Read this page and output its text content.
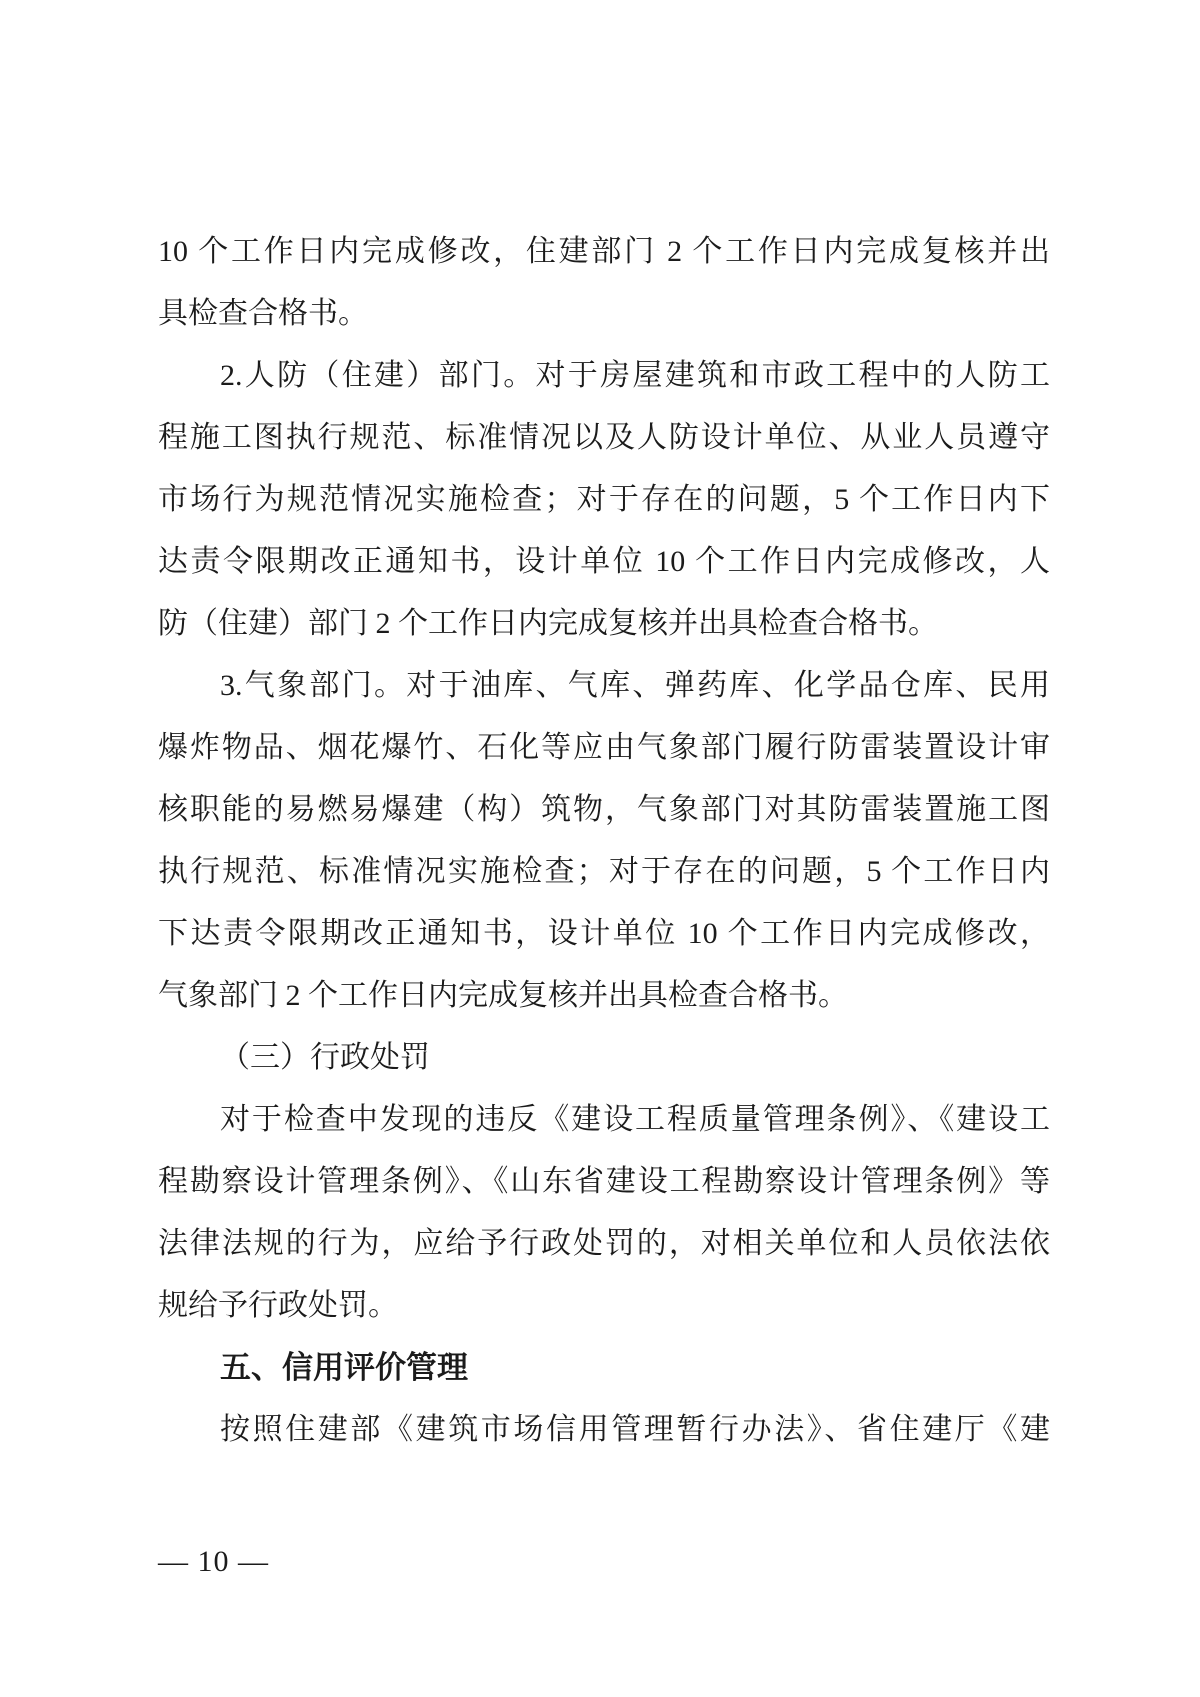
10 个工作日内完成修改，住建部门 2 个工作日内完成复核并出

具检查合格书。

2.人防（住建）部门。对于房屋建筑和市政工程中的人防工

程施工图执行规范、标准情况以及人防设计单位、从业人员遵守

市场行为规范情况实施检查；对于存在的问题，5 个工作日内下

达责令限期改正通知书，设计单位 10 个工作日内完成修改，人

防（住建）部门 2 个工作日内完成复核并出具检查合格书。

3.气象部门。对于油库、气库、弹药库、化学品仓库、民用

爆炸物品、烟花爆竹、石化等应由气象部门履行防雷装置设计审

核职能的易燃易爆建（构）筑物，气象部门对其防雷装置施工图

执行规范、标准情况实施检查；对于存在的问题，5 个工作日内

下达责令限期改正通知书，设计单位 10 个工作日内完成修改，

气象部门 2 个工作日内完成复核并出具检查合格书。

（三）行政处罚

对于检查中发现的违反《建设工程质量管理条例》、《建设工

程勘察设计管理条例》、《山东省建设工程勘察设计管理条例》等

法律法规的行为，应给予行政处罚的，对相关单位和人员依法依

规给予行政处罚。

五、信用评价管理

按照住建部《建筑市场信用管理暂行办法》、省住建厅《建

— 10 —
